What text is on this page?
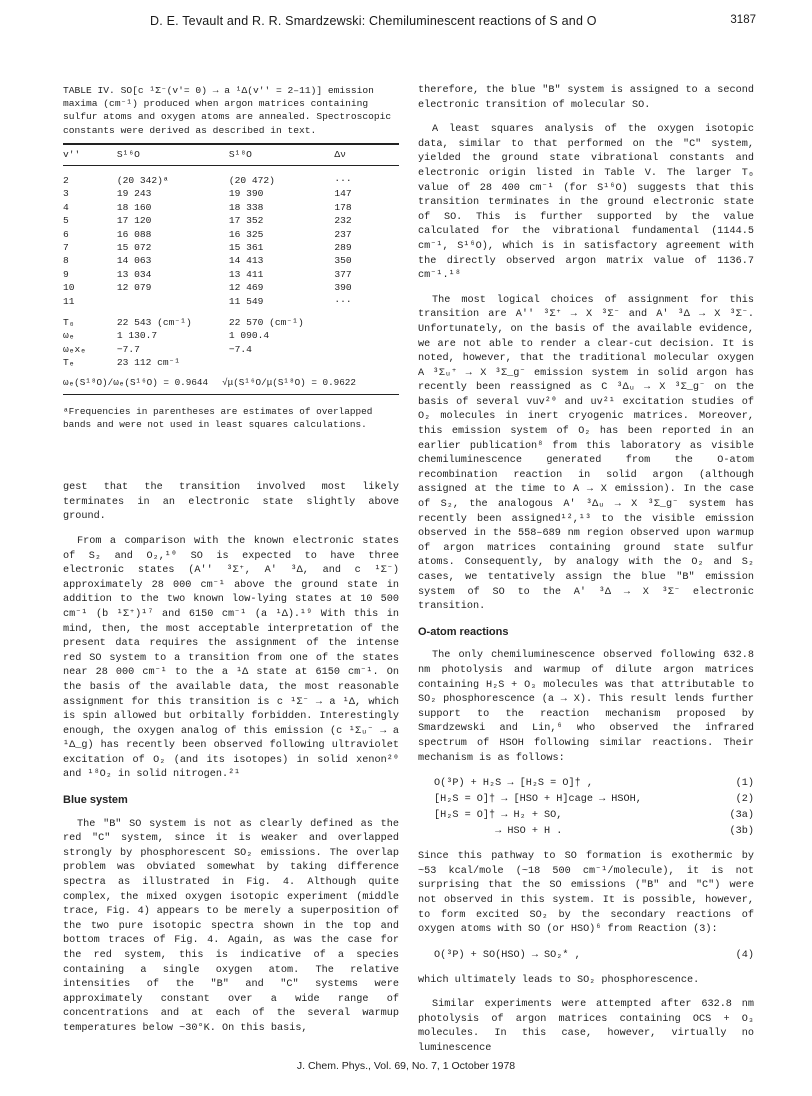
D. E. Tevault and R. R. Smardzewski: Chemiluminescent reactions of S and O	3187
TABLE IV. SO[c ¹Σ⁻(v'= 0) → a ¹Δ(v'' = 2–11)] emission maxima (cm⁻¹) produced when argon matrices containing sulfur atoms and oxygen atoms are annealed. Spectroscopic constants were derived as described in text.
v''	S¹⁶O	S¹⁸O	Δν

2	(20 342)ᵃ	(20 472)	···
3	19 243	19 390	147
4	18 160	18 338	178
5	17 120	17 352	232
6	16 088	16 325	237
7	15 072	15 361	289
8	14 063	14 413	350
9	13 034	13 411	377
10	12 079	12 469	390
11		11 549	···

T₀	22 543 (cm⁻¹)	22 570 (cm⁻¹)	
ωₑ	1 130.7	1 090.4	
ωₑxₑ	−7.7	−7.4	
Tₑ	23 112 cm⁻¹		
ωₑ(S¹⁸O)/ωₑ(S¹⁶O) = 0.9644 √μ(S¹⁶O/μ(S¹⁸O) = 0.9622
ᵃFrequencies in parentheses are estimates of overlapped bands and were not used in least squares calculations.

gest that the transition involved most likely terminates in an electronic state slightly above ground.

From a comparison with the known electronic states of S₂ and O₂,¹⁰ SO is expected to have three electronic states (A'' ³Σ⁺, A' ³Δ, and c ¹Σ⁻) approximately 28 000 cm⁻¹ above the ground state in addition to the two known low-lying states at 10 500 cm⁻¹ (b ¹Σ⁺)¹⁷ and 6150 cm⁻¹ (a ¹Δ).¹⁹ With this in mind, then, the most acceptable interpretation of the present data requires the assignment of the intense red SO system to a transition from one of the states near 28 000 cm⁻¹ to the a ¹Δ state at 6150 cm⁻¹. On the basis of the available data, the most reasonable assignment for this transition is c ¹Σ⁻ → a ¹Δ, which is spin allowed but orbitally forbidden. Interestingly enough, the oxygen analog of this emission (c ¹Σᵤ⁻ → a ¹Δ_g) has recently been observed following ultraviolet excitation of O₂ (and its isotopes) in solid xenon²⁰ and ¹⁸O₂ in solid nitrogen.²¹

Blue system

The "B" SO system is not as clearly defined as the red "C" system, since it is weaker and overlapped strongly by phosphorescent SO₂ emissions. The overlap problem was obviated somewhat by taking difference spectra as illustrated in Fig. 4. Although quite complex, the mixed oxygen isotopic experiment (middle trace, Fig. 4) appears to be merely a superposition of the two pure isotopic spectra shown in the top and bottom traces of Fig. 4. Again, as was the case for the red system, this is indicative of a species containing a single oxygen atom. The relative intensities of the "B" and "C" systems were approximately constant over a wide range of concentrations and at each of the several warmup temperatures below ~30°K. On this basis,

therefore, the blue "B" system is assigned to a second electronic transition of molecular SO.

A least squares analysis of the oxygen isotopic data, similar to that performed on the "C" system, yielded the ground state vibrational constants and electronic origin listed in Table V. The larger T₀ value of 28 400 cm⁻¹ (for S¹⁶O) suggests that this transition terminates in the ground electronic state of SO. This is further supported by the value calculated for the vibrational fundamental (1144.5 cm⁻¹, S¹⁶O), which is in satisfactory agreement with the directly observed argon matrix value of 1136.7 cm⁻¹.¹⁸

The most logical choices of assignment for this transition are A'' ³Σ⁺ → X ³Σ⁻ and A' ³Δ → X ³Σ⁻. Unfortunately, on the basis of the available evidence, we are not able to render a clear-cut decision. It is noted, however, that the traditional molecular oxygen A ³Σᵤ⁺ → X ³Σ_g⁻ emission system in solid argon has recently been reassigned as C ³Δᵤ → X ³Σ_g⁻ on the basis of several vuv²⁰ and uv²¹ excitation studies of O₂ molecules in inert cryogenic matrices. Moreover, this emission system of O₂ has been reported in an earlier publication⁸ from this laboratory as visible chemiluminescence generated from the O-atom recombination reaction in solid argon (although assigned at the time to A → X emission). In the case of S₂, the analogous A' ³Δᵤ → X ³Σ_g⁻ system has recently been assigned¹²,¹³ to the visible emission observed in the 558–689 nm region observed upon warmup of argon matrices containing ground state sulfur atoms. Consequently, by analogy with the O₂ and S₂ cases, we tentatively assign the blue "B" emission system of SO to the A' ³Δ → X ³Σ⁻ electronic transition.

O-atom reactions

The only chemiluminescence observed following 632.8 nm photolysis and warmup of dilute argon matrices containing H₂S + O₃ molecules was that attributable to SO₂ phosphorescence (a → X). This result lends further support to the reaction mechanism proposed by Smardzewski and Lin,⁶ who observed the infrared spectrum of HSOH following similar reactions. Their mechanism is as follows:

O(³P) + H₂S → [H₂S = O]† ,	(1)
[H₂S = O]† → [HSO + H]cage → HSOH,	(2)
[H₂S = O]† → H₂ + SO,	(3a)
→ HSO + H .	(3b)

Since this pathway to SO formation is exothermic by ~53 kcal/mole (~18 500 cm⁻¹/molecule), it is not surprising that the SO emissions ("B" and "C") were not observed in this system. It is possible, however, to form excited SO₂ by the secondary reactions of oxygen atoms with SO (or HSO)⁶ from Reaction (3):

O(³P) + SO(HSO) → SO₂* ,	(4)

which ultimately leads to SO₂ phosphorescence.

Similar experiments were attempted after 632.8 nm photolysis of argon matrices containing OCS + O₃ molecules. In this case, however, virtually no luminescence

J. Chem. Phys., Vol. 69, No. 7, 1 October 1978
